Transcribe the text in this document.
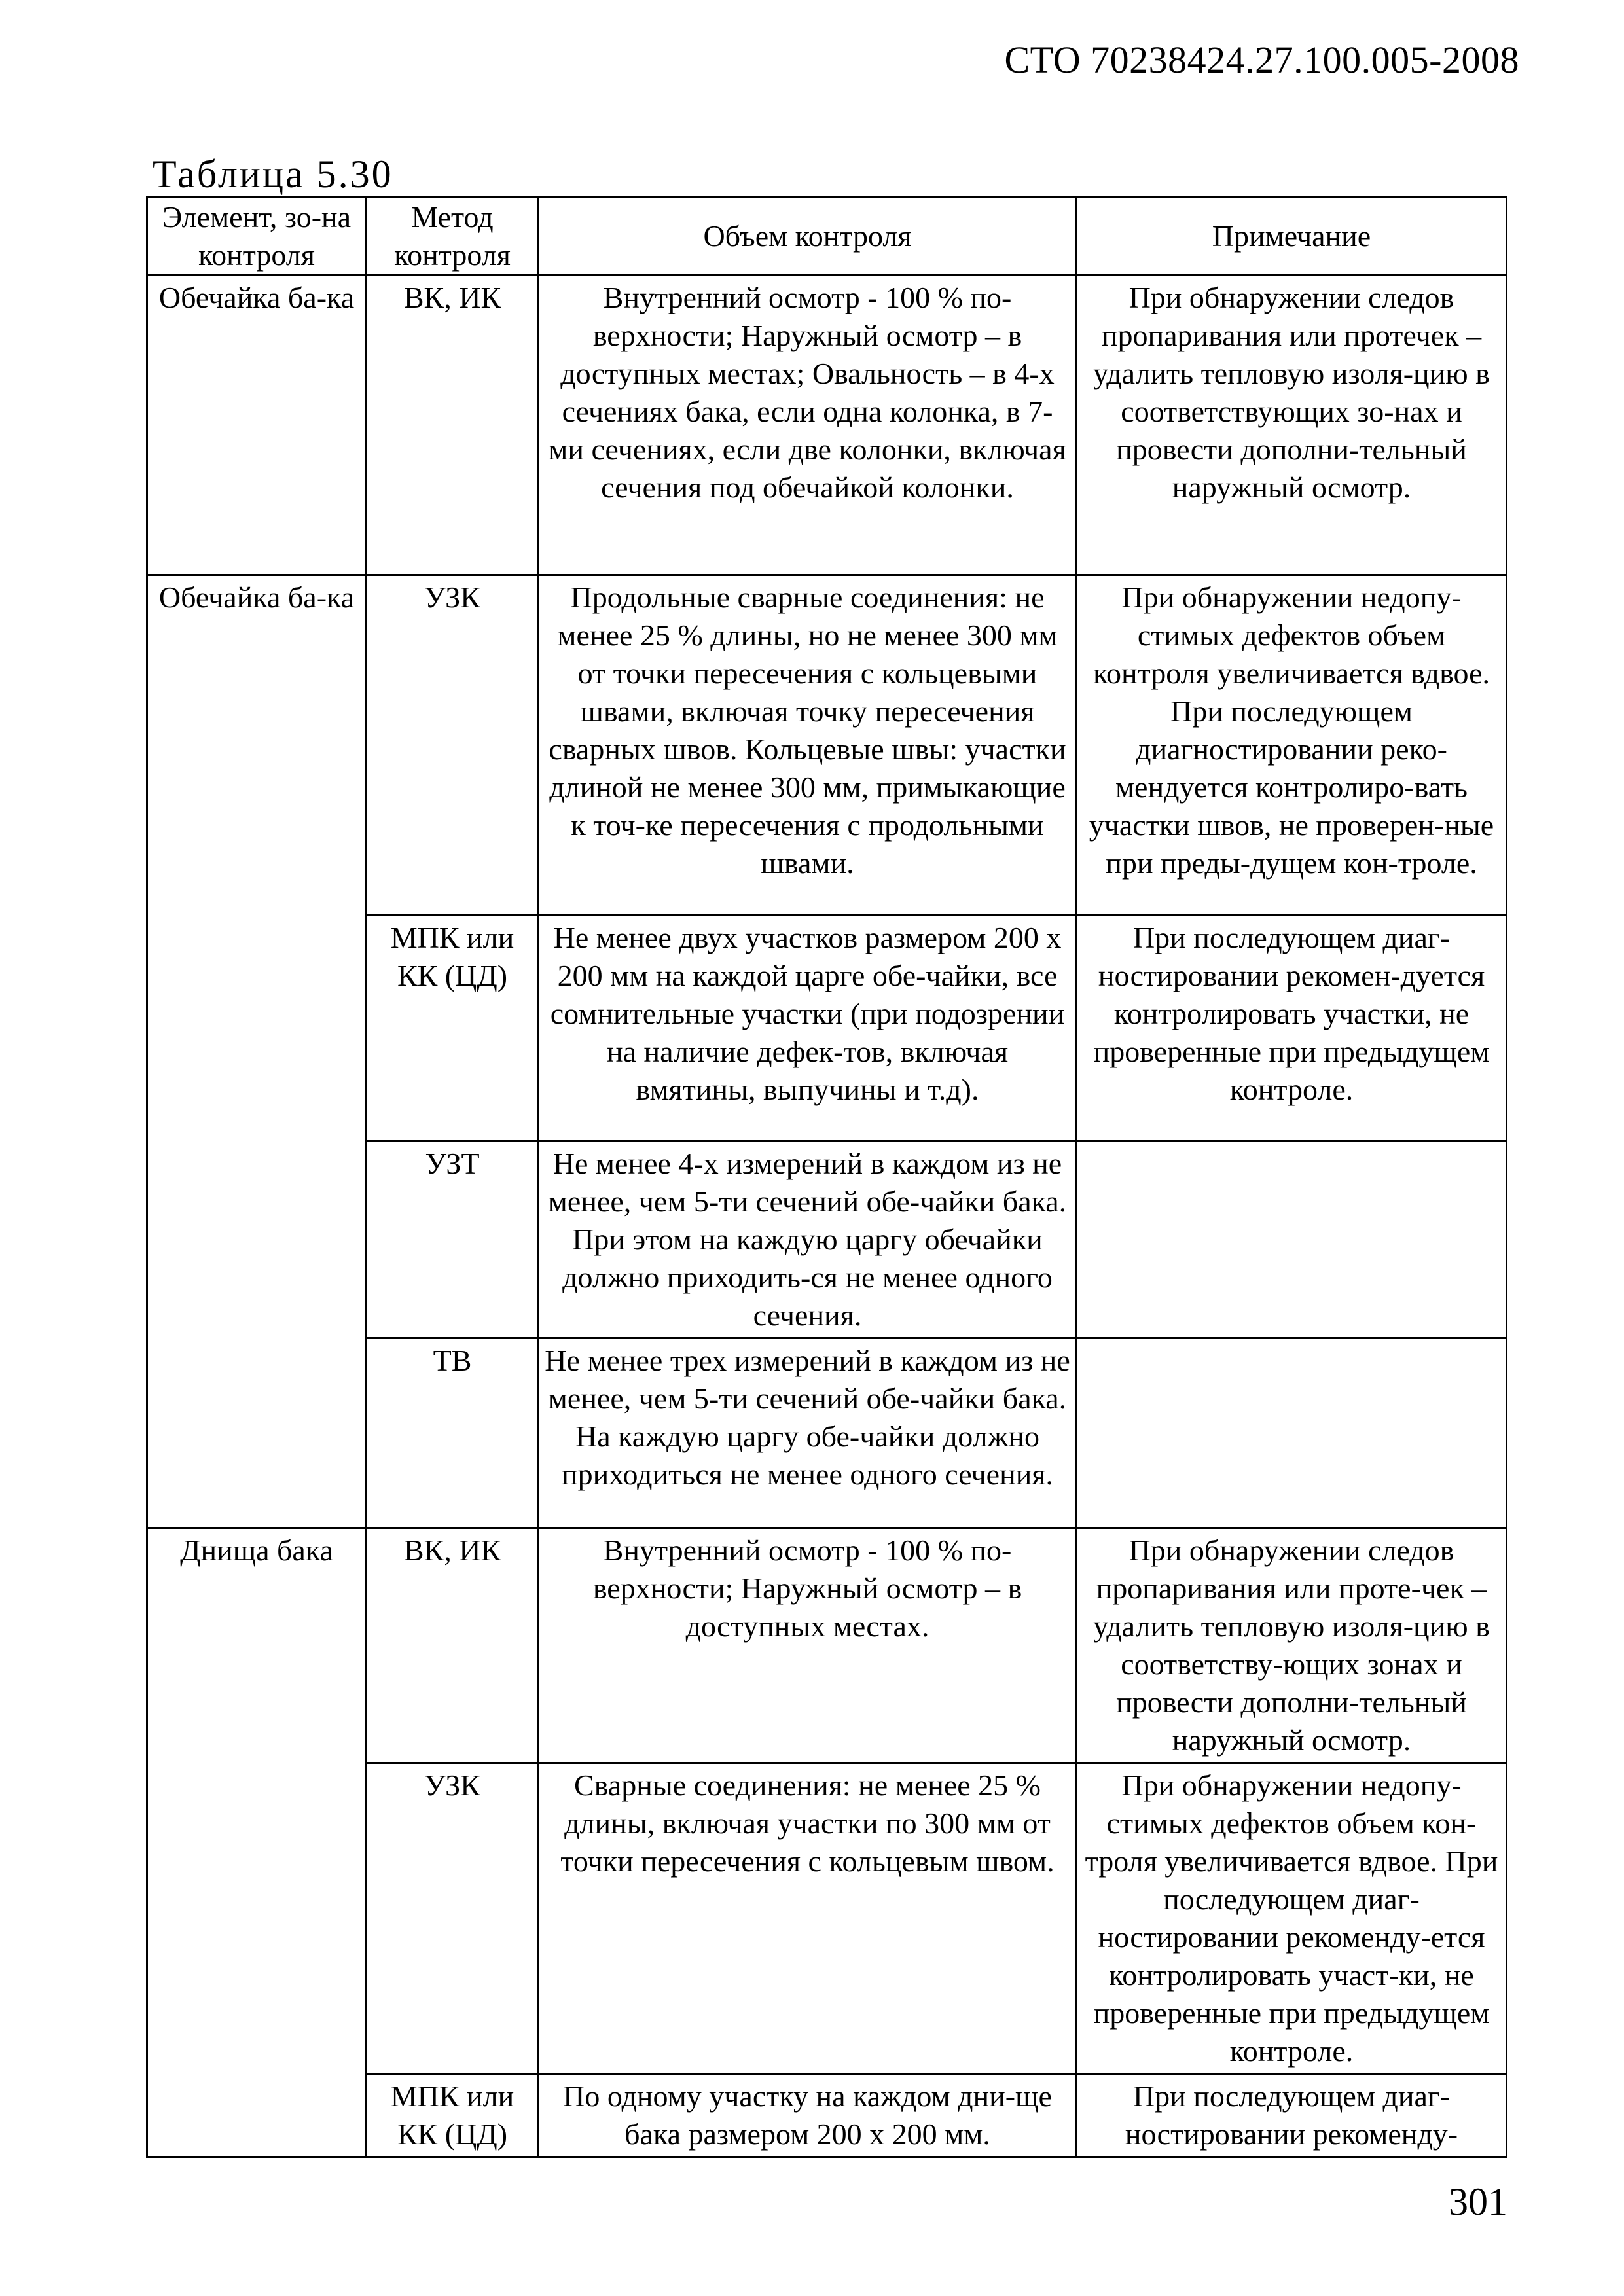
СТО 70238424.27.100.005-2008
Таблица 5.30
Элемент, зо-на контроля	Метод контроля	Объем контроля	Примечание
Обечайка ба-ка	ВК, ИК	Внутренний осмотр - 100 % по-верхности; Наружный осмотр – в доступных местах; Овальность – в 4-х сечениях бака, если одна колонка, в 7-ми сечениях, если две колонки, включая сечения под обечайкой колонки.	При обнаружении следов пропаривания или протечек – удалить тепловую изоля-цию в соответствующих зо-нах и провести дополни-тельный наружный осмотр.
Обечайка ба-ка	УЗК	Продольные сварные соединения: не менее 25 % длины, но не менее 300 мм от точки пересечения с кольцевыми швами, включая точку пересечения сварных швов. Кольцевые швы: участки длиной не менее 300 мм, примыкающие к точ-ке пересечения с продольными швами.	При обнаружении недопу-стимых дефектов объем контроля увеличивается вдвое. При последующем диагностировании реко-мендуется контролиро-вать участки швов, не проверен-ные при преды-дущем кон-троле.
	МПК или КК (ЦД)	Не менее двух участков размером 200 х 200 мм на каждой царге обе-чайки, все сомнительные участки (при подозрении на наличие дефек-тов, включая вмятины, выпучины и т.д).	При последующем диаг-ностировании рекомен-дуется контролировать участки, не проверенные при предыдущем контроле.
	УЗТ	Не менее 4-х измерений в каждом из не менее, чем 5-ти сечений обе-чайки бака. При этом на каждую царгу обечайки должно приходить-ся не менее одного сечения.	
	ТВ	Не менее трех измерений в каждом из не менее, чем 5-ти сечений обе-чайки бака. На каждую царгу обе-чайки должно приходиться не менее одного сечения.	
Днища бака	ВК, ИК	Внутренний осмотр - 100 % по-верхности; Наружный осмотр – в доступных местах.	При обнаружении следов пропаривания или проте-чек – удалить тепловую изоля-цию в соответству-ющих зонах и провести дополни-тельный наружный осмотр.
	УЗК	Сварные соединения: не менее 25 % длины, включая участки по 300 мм от точки пересечения с кольцевым швом.	При обнаружении недопу-стимых дефектов объем кон-троля увеличивается вдвое. При последующем диаг-ностировании рекоменду-ется контролировать участ-ки, не проверенные при предыдущем контроле.
	МПК или КК (ЦД)	По одному участку на каждом дни-ще бака размером 200 х 200 мм.	При последующем диаг-ностировании рекоменду-
301
